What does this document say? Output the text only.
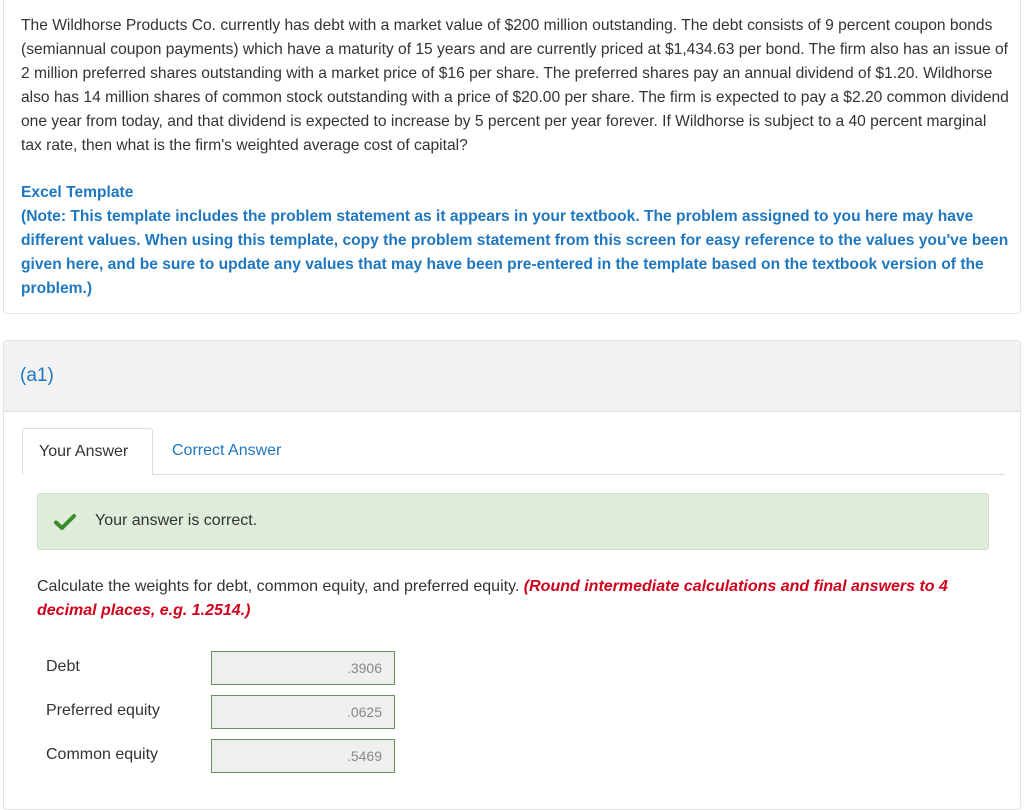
The Wildhorse Products Co. currently has debt with a market value of $200 million outstanding. The debt consists of 9 percent coupon bonds (semiannual coupon payments) which have a maturity of 15 years and are currently priced at $1,434.63 per bond. The firm also has an issue of 2 million preferred shares outstanding with a market price of $16 per share. The preferred shares pay an annual dividend of $1.20. Wildhorse also has 14 million shares of common stock outstanding with a price of $20.00 per share. The firm is expected to pay a $2.20 common dividend one year from today, and that dividend is expected to increase by 5 percent per year forever. If Wildhorse is subject to a 40 percent marginal tax rate, then what is the firm's weighted average cost of capital?

Excel Template

(Note: This template includes the problem statement as it appears in your textbook. The problem assigned to you here may have different values. When using this template, copy the problem statement from this screen for easy reference to the values you've been given here, and be sure to update any values that may have been pre-entered in the template based on the textbook version of the problem.)

(a1)
Your Answer	Correct Answer
Your answer is correct.

Calculate the weights for debt, common equity, and preferred equity. (Round intermediate calculations and final answers to 4 decimal places, e.g. 1.2514.)

Debt
.3906
Preferred equity
.0625
Common equity
.5469
